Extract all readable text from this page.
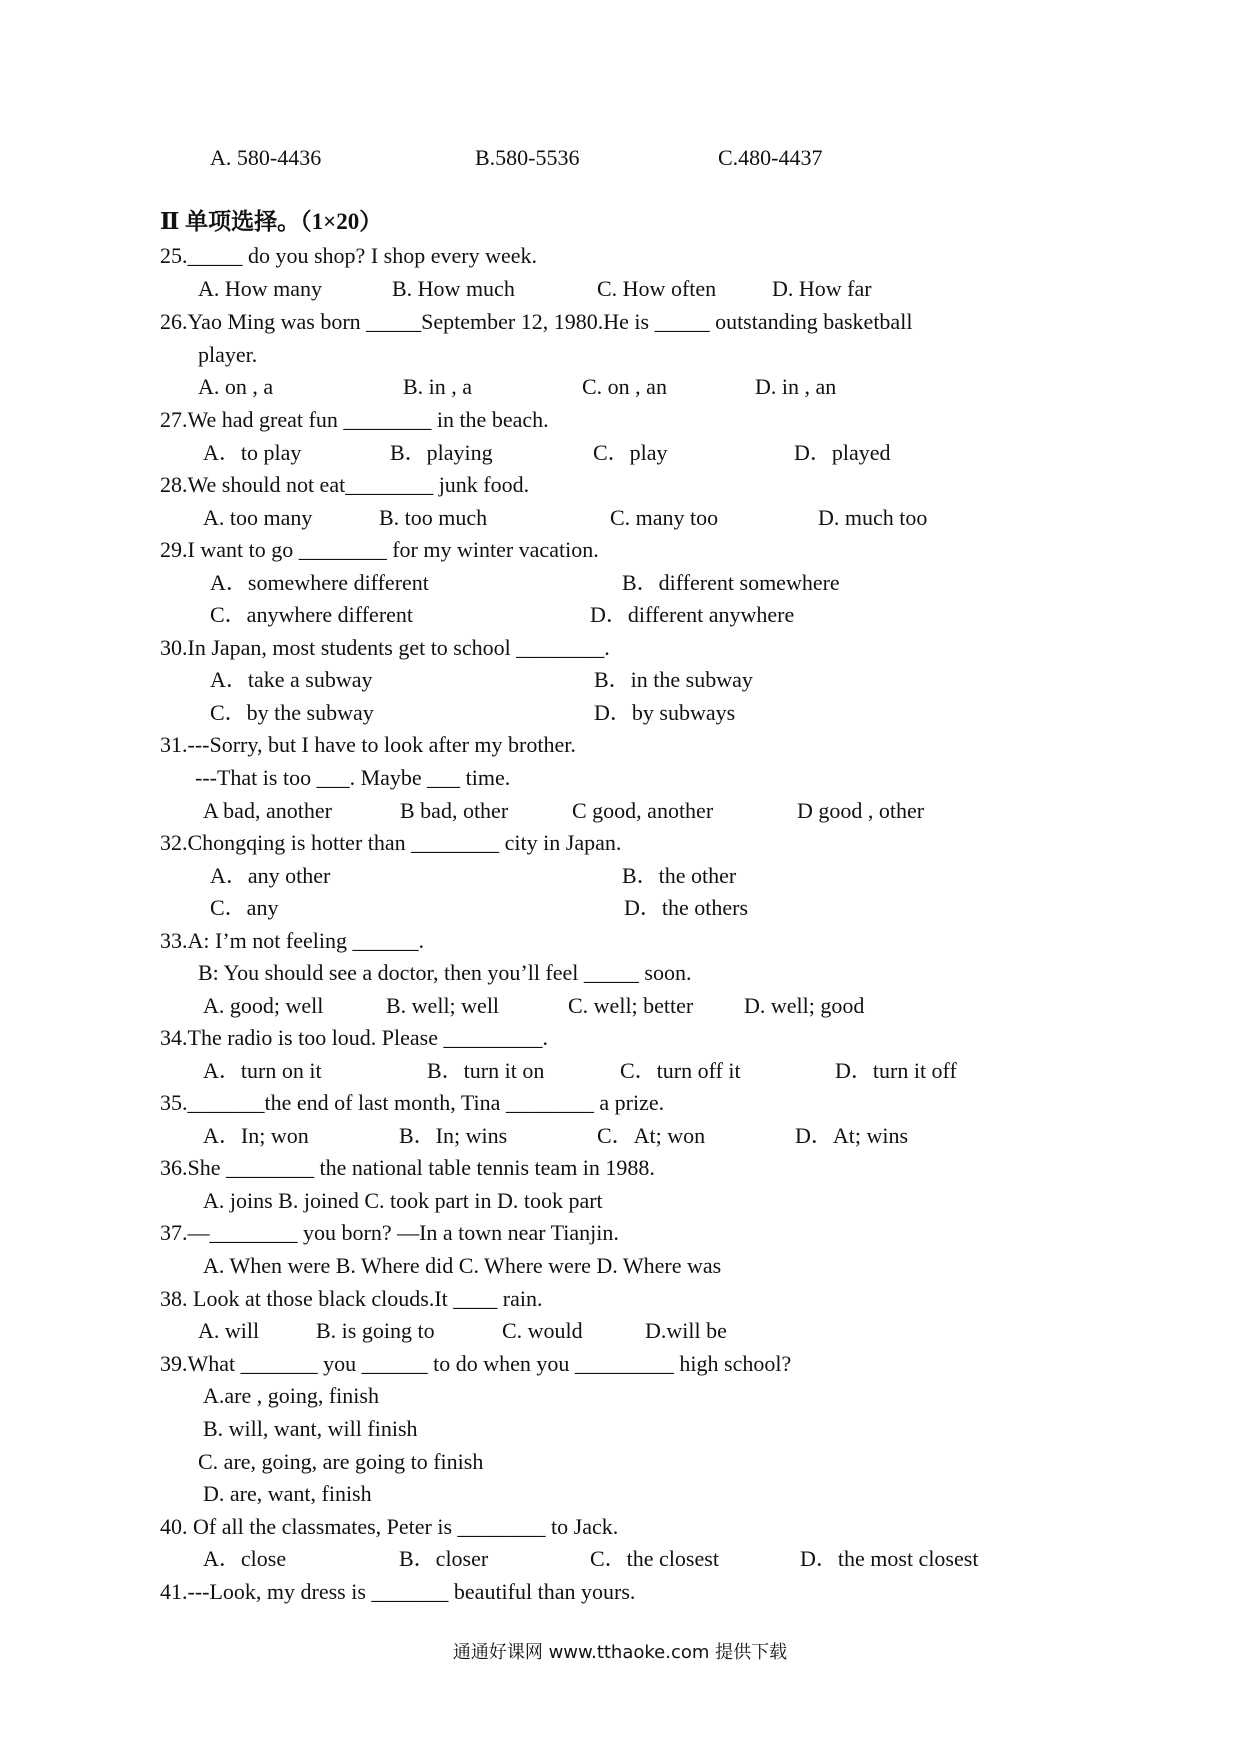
A. 580-4436	B.580-5536	C.480-4437
Ⅱ 单项选择。（1×20）
25._____ do you shop? I shop every week.
A. How many	B. How much	C. How often	D. How far
26.Yao Ming was born _____September 12, 1980.He is _____ outstanding basketball
player.
A. on , a	B. in , a	C. on , an	D. in , an
27.We had great fun ________ in the beach.
A．to play	B．playing	C．play	D．played
28.We should not eat________ junk food.
A. too many	B. too much	C. many too	D. much too
29.I want to go ________ for my winter vacation.
A．somewhere different	B．different somewhere
C．anywhere different	D．different anywhere
30.In Japan, most students get to school ________.
A．take a subway	B．in the subway
C．by the subway	D．by subways
31.---Sorry, but I have to look after my brother.
---That is too ___. Maybe ___ time.
A bad, another	B bad, other	C good, another	D good , other
32.Chongqing is hotter than ________ city in Japan.
A．any other	B．the other
C．any	D．the others
33.A: I’m not feeling ______.
B: You should see a doctor, then you’ll feel _____ soon.
A. good; well	B. well; well	C. well; better D. well; good
34.The radio is too loud. Please _________.
A．turn on it	B．turn it on	C．turn off it	D．turn it off
35._______the end of last month, Tina ________ a prize.
A．In; won	B．In; wins	C．At; won	D．At; wins
36.She ________ the national table tennis team in 1988.
A. joins B. joined C. took part in D. took part
37.—________ you born? —In a town near Tianjin.
A. When were B. Where did C. Where were D. Where was
38. Look at those black clouds.It ____ rain.
A. will	B. is going to	C. would	D.will be
39.What _______ you ______ to do when you _________ high school?
A.are , going, finish
B. will, want, will finish
C. are, going, are going to finish
D. are, want, finish
40. Of all the classmates, Peter is ________ to Jack.
A．close	B．closer	C．the closest	D．the most closest
41.---Look, my dress is _______ beautiful than yours.
通通好课网 www.tthaoke.com 提供下载
